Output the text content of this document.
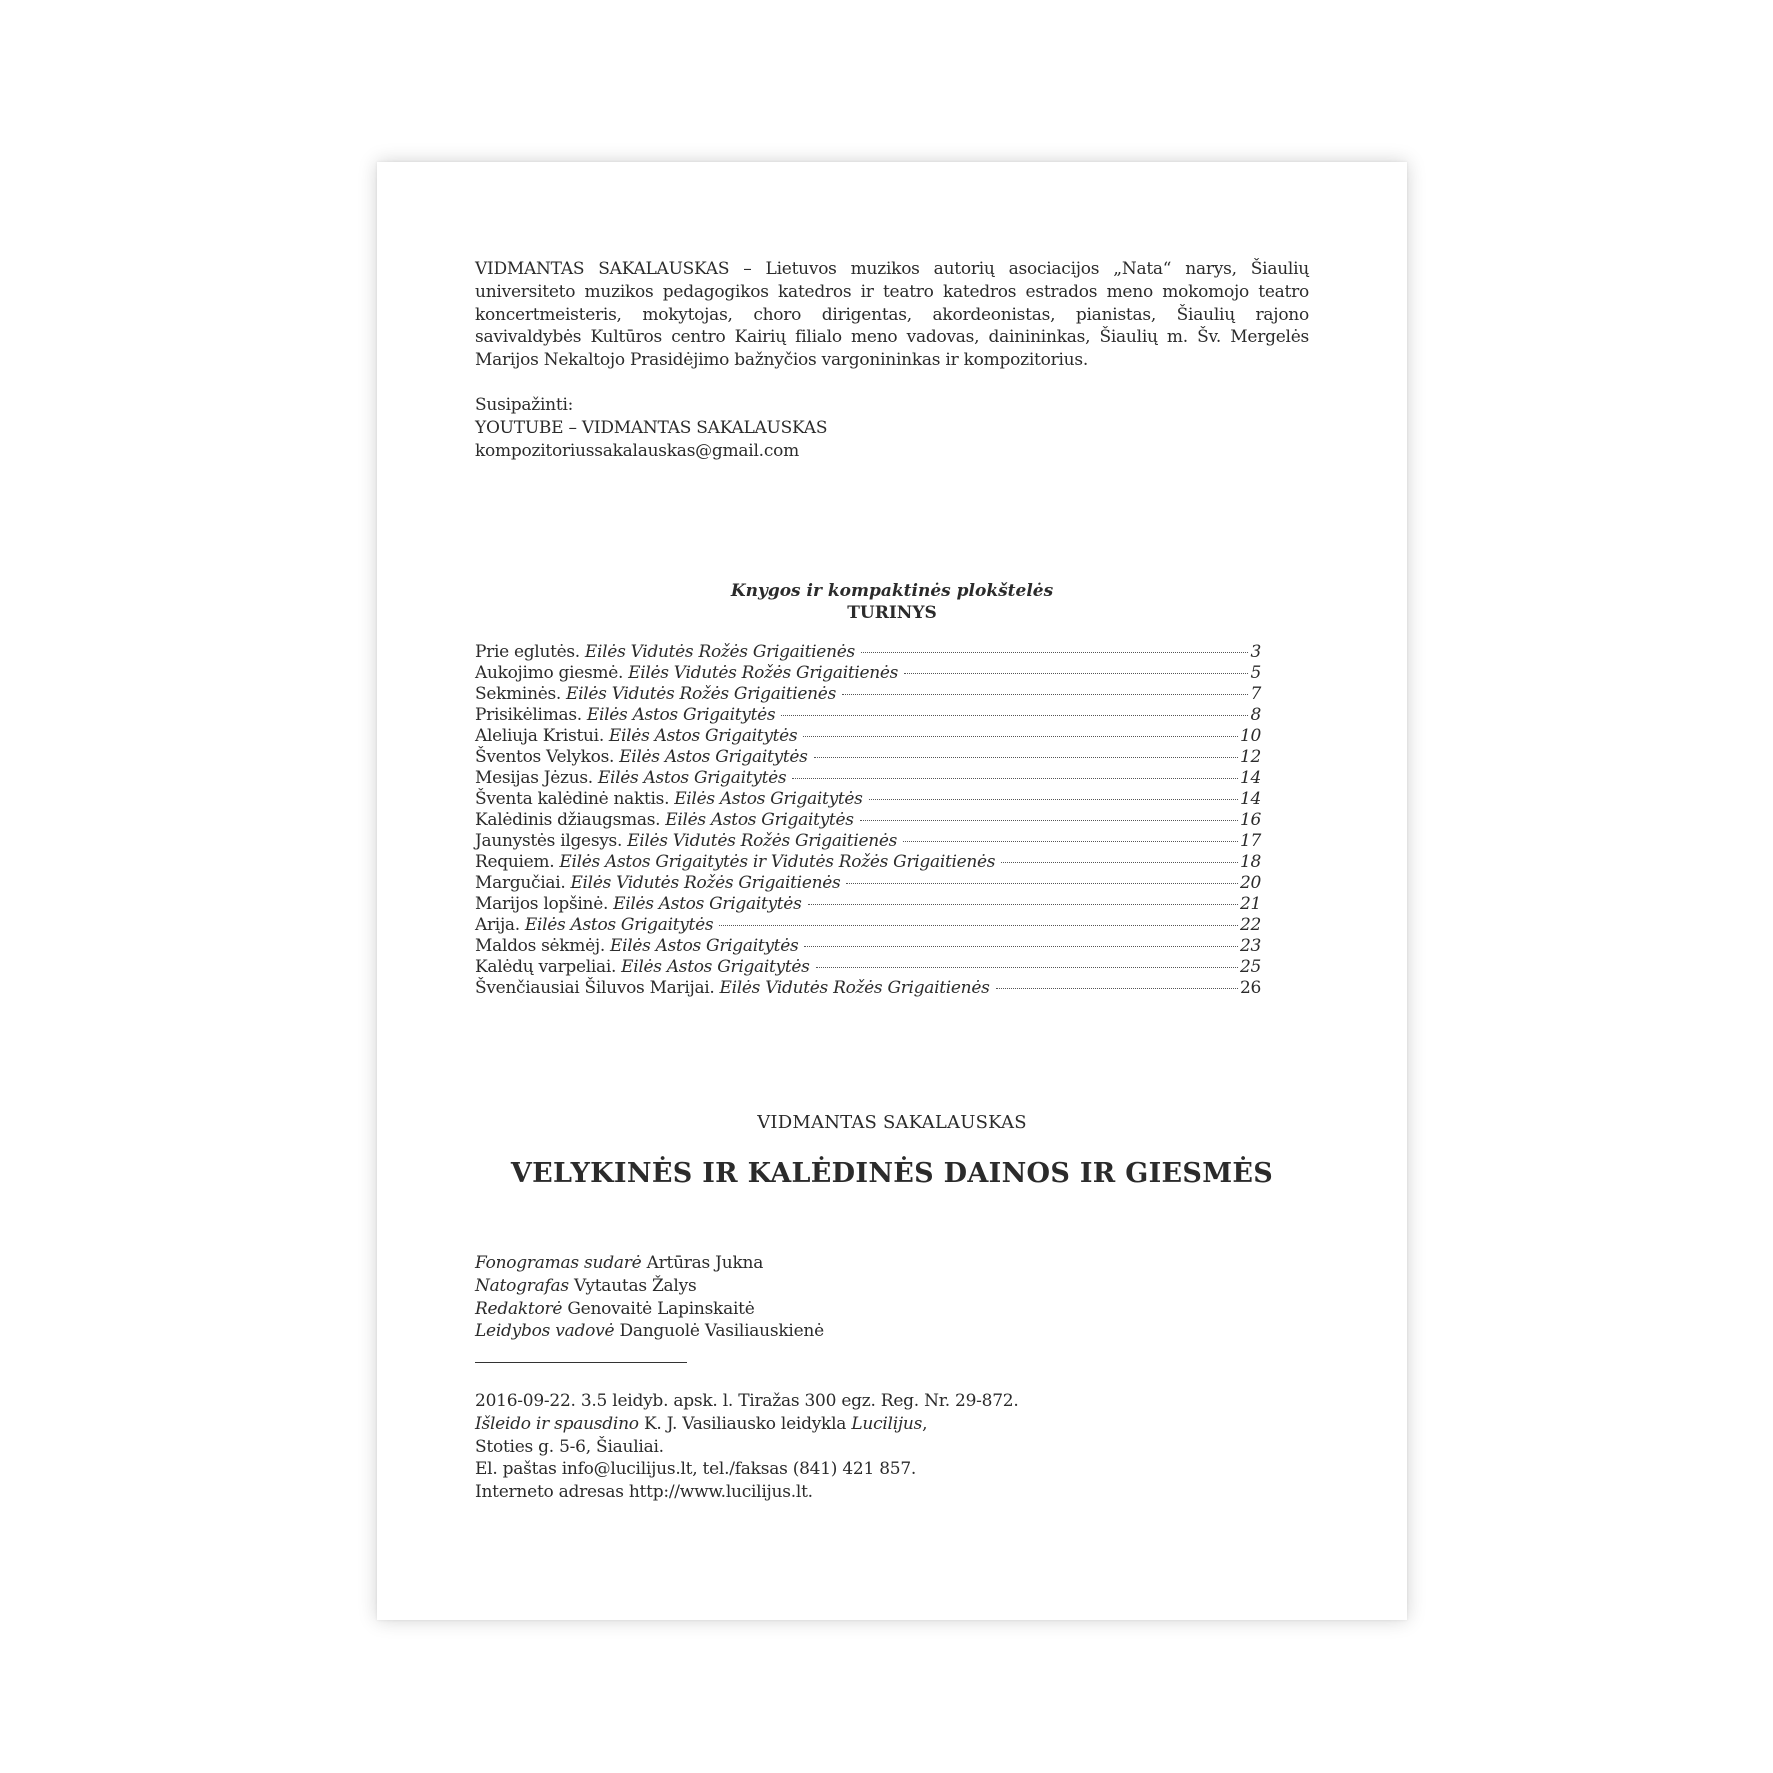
VIDMANTAS SAKALAUSKAS – Lietuvos muzikos autorių asociacijos „Nata“ narys, Šiaulių universiteto muzikos pedagogikos katedros ir teatro katedros estrados meno mokomojo teatro koncertmeisteris, mokytojas, choro dirigentas, akordeonistas, pianistas, Šiaulių rajono savivaldybės Kultūros centro Kairių filialo meno vadovas, dainininkas, Šiaulių m. Šv. Mergelės Marijos Nekaltojo Prasidėjimo bažnyčios vargonininkas ir kompozitorius.

Susipažinti:
YOUTUBE – VIDMANTAS SAKALAUSKAS
kompozitoriussakalauskas@gmail.com
Knygos ir kompaktinės plokštelės
TURINYS
Prie eglutės. Eilės Vidutės Rožės Grigaitienės	3
Aukojimo giesmė. Eilės Vidutės Rožės Grigaitienės	5
Sekminės. Eilės Vidutės Rožės Grigaitienės	7
Prisikėlimas. Eilės Astos Grigaitytės	8
Aleliuja Kristui. Eilės Astos Grigaitytės	10
Šventos Velykos. Eilės Astos Grigaitytės	12
Mesijas Jėzus. Eilės Astos Grigaitytės	14
Šventa kalėdinė naktis. Eilės Astos Grigaitytės	14
Kalėdinis džiaugsmas. Eilės Astos Grigaitytės	16
Jaunystės ilgesys. Eilės Vidutės Rožės Grigaitienės	17
Requiem. Eilės Astos Grigaitytės ir Vidutės Rožės Grigaitienės	18
Margučiai. Eilės Vidutės Rožės Grigaitienės	20
Marijos lopšinė. Eilės Astos Grigaitytės	21
Arija. Eilės Astos Grigaitytės	22
Maldos sėkmėj. Eilės Astos Grigaitytės	23
Kalėdų varpeliai. Eilės Astos Grigaitytės	25
Švenčiausiai Šiluvos Marijai. Eilės Vidutės Rožės Grigaitienės	26
VIDMANTAS SAKALAUSKAS
VELYKINĖS IR KALĖDINĖS DAINOS IR GIESMĖS
Fonogramas sudarė Artūras Jukna
Natografas Vytautas Žalys
Redaktorė Genovaitė Lapinskaitė
Leidybos vadovė Danguolė Vasiliauskienė
2016-09-22. 3.5 leidyb. apsk. l. Tiražas 300 egz. Reg. Nr. 29-872.
Išleido ir spausdino K. J. Vasiliausko leidykla Lucilijus,
Stoties g. 5-6, Šiauliai.
El. paštas info@lucilijus.lt, tel./faksas (841) 421 857.
Interneto adresas http://www.lucilijus.lt.
